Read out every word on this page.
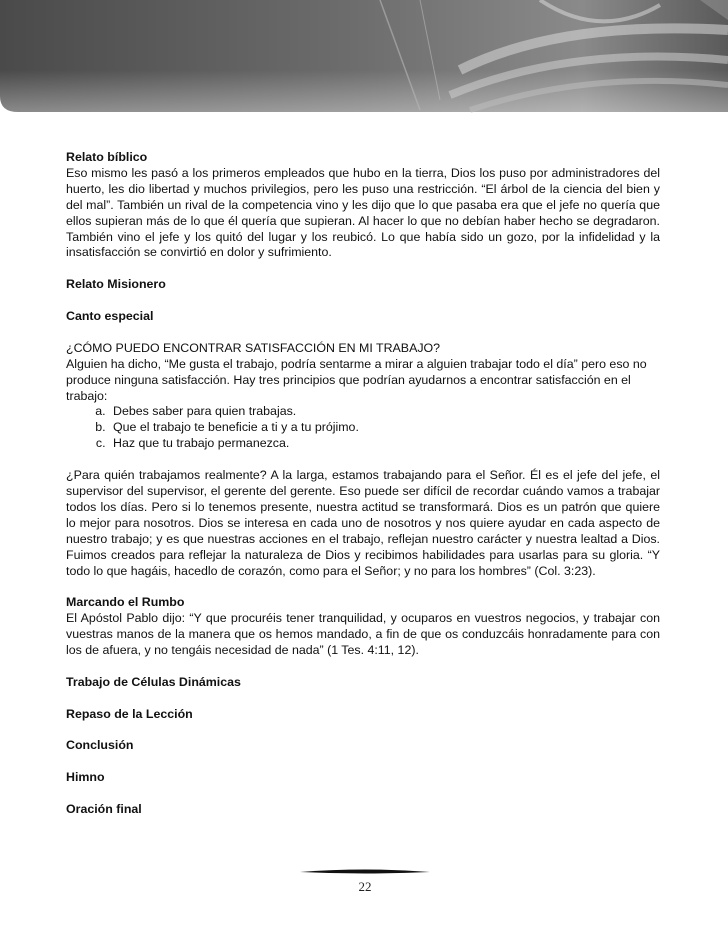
Relato bíblico

Eso mismo les pasó a los primeros empleados que hubo en la tierra, Dios los puso por administradores del huerto, les dio libertad y muchos privilegios, pero les puso una restricción. “El árbol de la ciencia del bien y del mal”. También un rival de la competencia vino y les dijo que lo que pasaba era que el jefe no quería que ellos supieran más de lo que él quería que supieran. Al hacer lo que no debían haber hecho se degradaron. También vino el jefe y los quitó del lugar y los reubicó. Lo que había sido un gozo, por la infidelidad y la insatisfacción se convirtió en dolor y sufrimiento.

Relato Misionero

Canto especial

¿CÓMO PUEDO ENCONTRAR SATISFACCIÓN EN MI TRABAJO?

Alguien ha dicho, “Me gusta el trabajo, podría sentarme a mirar a alguien trabajar todo el día” pero eso no produce ninguna satisfacción. Hay tres principios que podrían ayudarnos a encontrar satisfacción en el trabajo:

a. Debes saber para quien trabajas.
b. Que el trabajo te beneficie a ti y a tu prójimo.
c. Haz que tu trabajo permanezca.

¿Para quién trabajamos realmente? A la larga, estamos trabajando para el Señor. Él es el jefe del jefe, el supervisor del supervisor, el gerente del gerente. Eso puede ser difícil de recordar cuándo vamos a trabajar todos los días. Pero si lo tenemos presente, nuestra actitud se transformará. Dios es un patrón que quiere lo mejor para nosotros. Dios se interesa en cada uno de nosotros y nos quiere ayudar en cada aspecto de nuestro trabajo; y es que nuestras acciones en el trabajo, reflejan nuestro carácter y nuestra lealtad a Dios. Fuimos creados para reflejar la naturaleza de Dios y recibimos habilidades para usarlas para su gloria. “Y todo lo que hagáis, hacedlo de corazón, como para el Señor; y no para los hombres” (Col. 3:23).

Marcando el Rumbo

El Apóstol Pablo dijo: “Y que procuréis tener tranquilidad, y ocuparos en vuestros negocios, y trabajar con vuestras manos de la manera que os hemos mandado, a fin de que os conduzcáis honradamente para con los de afuera, y no tengáis necesidad de nada” (1 Tes. 4:11, 12).

Trabajo de Células Dinámicas

Repaso de la Lección

Conclusión

Himno

Oración final

22
